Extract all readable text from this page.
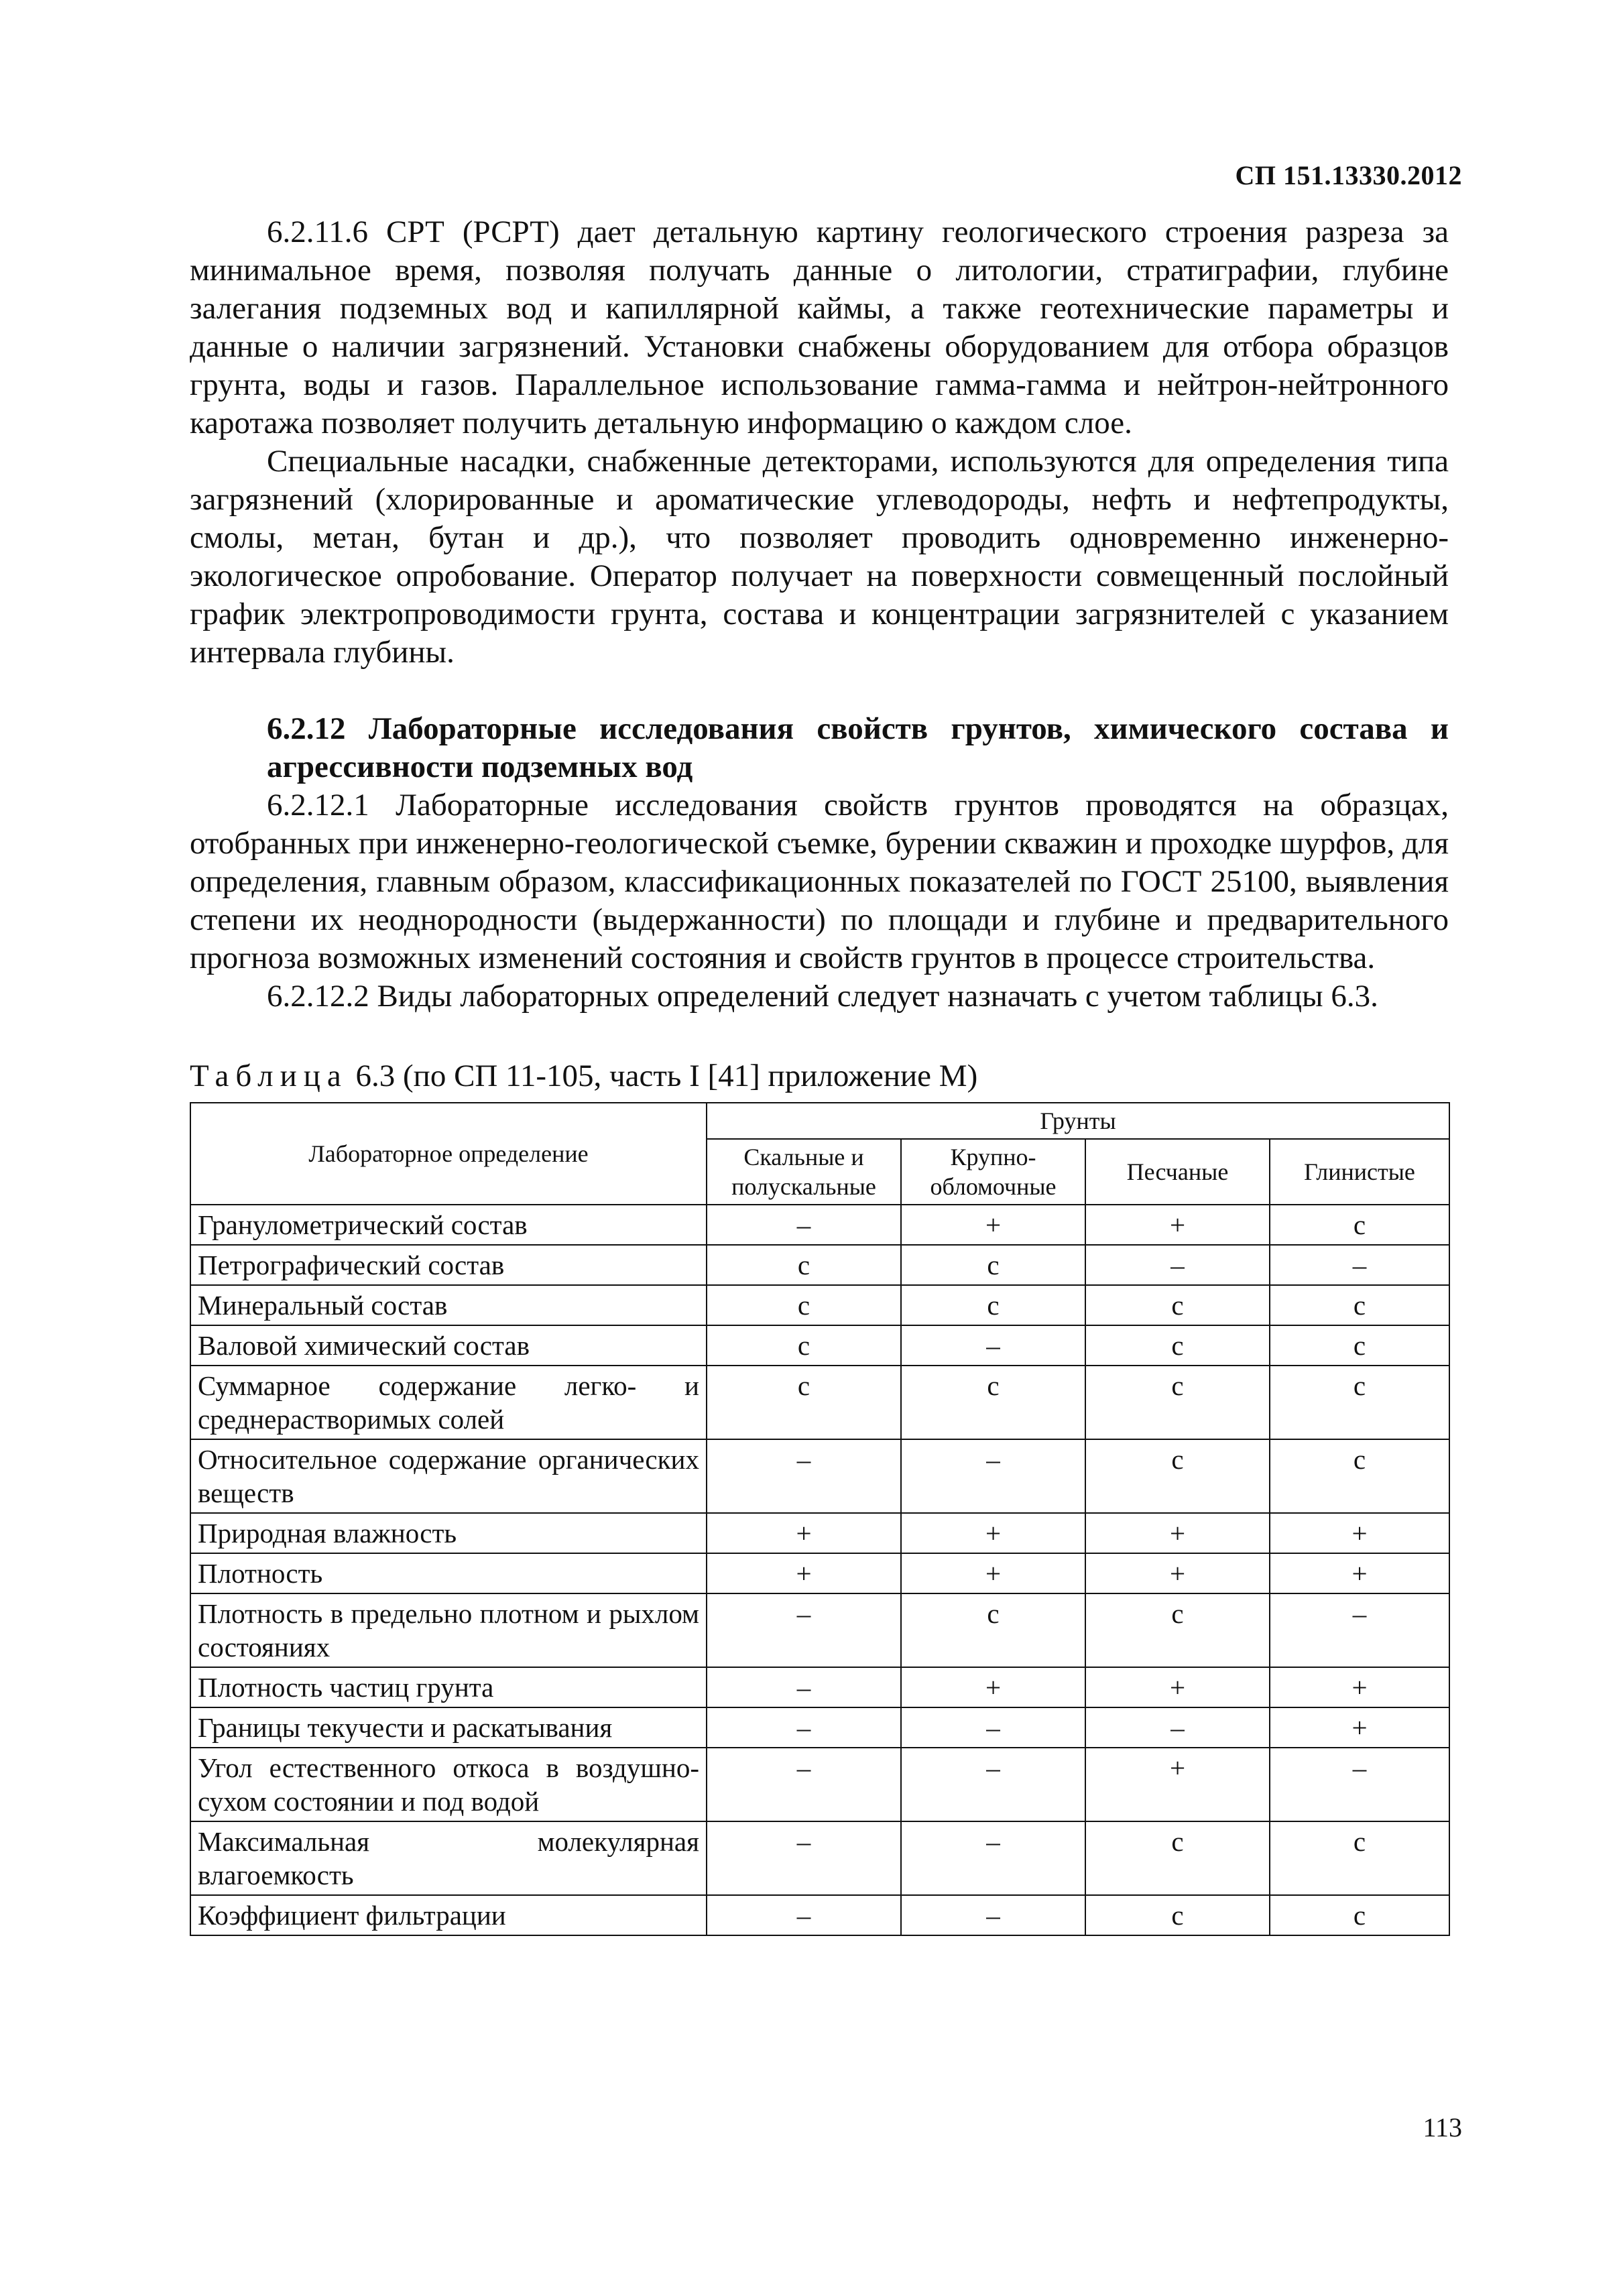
СП 151.13330.2012

6.2.11.6 СРТ (РСРТ) дает детальную картину геологического строения разреза за минимальное время, позволяя получать данные о литологии, стратиграфии, глубине залегания подземных вод и капиллярной каймы, а также геотехнические параметры и данные о наличии загрязнений. Установки снабжены оборудованием для отбора образцов грунта, воды и газов. Параллельное использование гамма-гамма и нейтрон-нейтронного каротажа позволяет получить детальную информацию о каждом слое.

Специальные насадки, снабженные детекторами, используются для определения типа загрязнений (хлорированные и ароматические углеводороды, нефть и нефтепродукты, смолы, метан, бутан и др.), что позволяет проводить одновременно инженерно-экологическое опробование. Оператор получает на поверхности совмещенный послойный график электропроводимости грунта, состава и концентрации загрязнителей с указанием интервала глубины.

6.2.12 Лабораторные исследования свойств грунтов, химического состава и агрессивности подземных вод

6.2.12.1 Лабораторные исследования свойств грунтов проводятся на образцах, отобранных при инженерно-геологической съемке, бурении скважин и проходке шурфов, для определения, главным образом, классификационных показателей по ГОСТ 25100, выявления степени их неоднородности (выдержанности) по площади и глубине и предварительного прогноза возможных изменений состояния и свойств грунтов в процессе строительства.

6.2.12.2 Виды лабораторных определений следует назначать с учетом таблицы 6.3.

Таблица 6.3 (по СП 11-105, часть I [41] приложение М)
Лабораторное определение	Грунты			
	Скальные и полускальные	Крупно-обломочные	Песчаные	Глинистые
Гранулометрический состав	–	+	+	с
Петрографический состав	с	с	–	–
Минеральный состав	с	с	с	с
Валовой химический состав	с	–	с	с
Суммарное содержание легко- и среднерастворимых солей	с	с	с	с
Относительное содержание органических веществ	–	–	с	с
Природная влажность	+	+	+	+
Плотность	+	+	+	+
Плотность в предельно плотном и рыхлом состояниях	–	с	с	–
Плотность частиц грунта	–	+	+	+
Границы текучести и раскатывания	–	–	–	+
Угол естественного откоса в воздушно-сухом состоянии и под водой	–	–	+	–
Максимальная молекулярная влагоемкость	–	–	с	с
Коэффициент фильтрации	–	–	с	с
113
